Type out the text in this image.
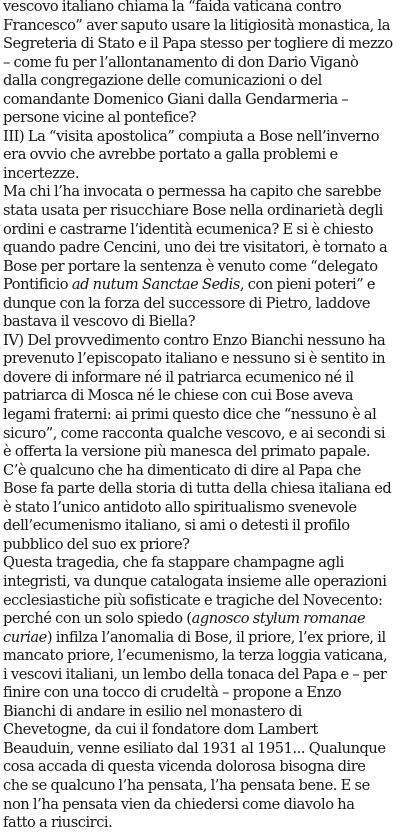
vescovo italiano chiama la “faida vaticana contro
Francesco” aver saputo usare la litigiosità monastica, la
Segreteria di Stato e il Papa stesso per togliere di mezzo
– come fu per l’allontanamento di don Dario Viganò
dalla congregazione delle comunicazioni o del
comandante Domenico Giani dalla Gendarmeria –
persone vicine al pontefice?
III) La “visita apostolica” compiuta a Bose nell’inverno
era ovvio che avrebbe portato a galla problemi e
incertezze.
Ma chi l’ha invocata o permessa ha capito che sarebbe
stata usata per risucchiare Bose nella ordinarietà degli
ordini e castrarne l’identità ecumenica? E si è chiesto
quando padre Cencini, uno dei tre visitatori, è tornato a
Bose per portare la sentenza è venuto come “delegato
Pontificio ad nutum Sanctae Sedis, con pieni poteri” e
dunque con la forza del successore di Pietro, laddove
bastava il vescovo di Biella?
IV) Del provvedimento contro Enzo Bianchi nessuno ha
prevenuto l’episcopato italiano e nessuno si è sentito in
dovere di informare né il patriarca ecumenico né il
patriarca di Mosca né le chiese con cui Bose aveva
legami fraterni: ai primi questo dice che “nessuno è al
sicuro”, come racconta qualche vescovo, e ai secondi si
è offerta la versione più manesca del primato papale.
C’è qualcuno che ha dimenticato di dire al Papa che
Bose fa parte della storia di tutta della chiesa italiana ed
è stato l’unico antidoto allo spiritualismo svenevole
dell’ecumenismo italiano, si ami o detesti il profilo
pubblico del suo ex priore?
Questa tragedia, che fa stappare champagne agli
integristi, va dunque catalogata insieme alle operazioni
ecclesiastiche più sofisticate e tragiche del Novecento:
perché con un solo spiedo (agnosco stylum romanae
curiae) infilza l’anomalia di Bose, il priore, l’ex priore, il
mancato priore, l’ecumenismo, la terza loggia vaticana,
i vescovi italiani, un lembo della tonaca del Papa e – per
finire con una tocco di crudeltà – propone a Enzo
Bianchi di andare in esilio nel monastero di
Chevetogne, da cui il fondatore dom Lambert
Beauduin, venne esiliato dal 1931 al 1951... Qualunque
cosa accada di questa vicenda dolorosa bisogna dire
che se qualcuno l’ha pensata, l’ha pensata bene. E se
non l’ha pensata vien da chiedersi come diavolo ha
fatto a riuscirci.
